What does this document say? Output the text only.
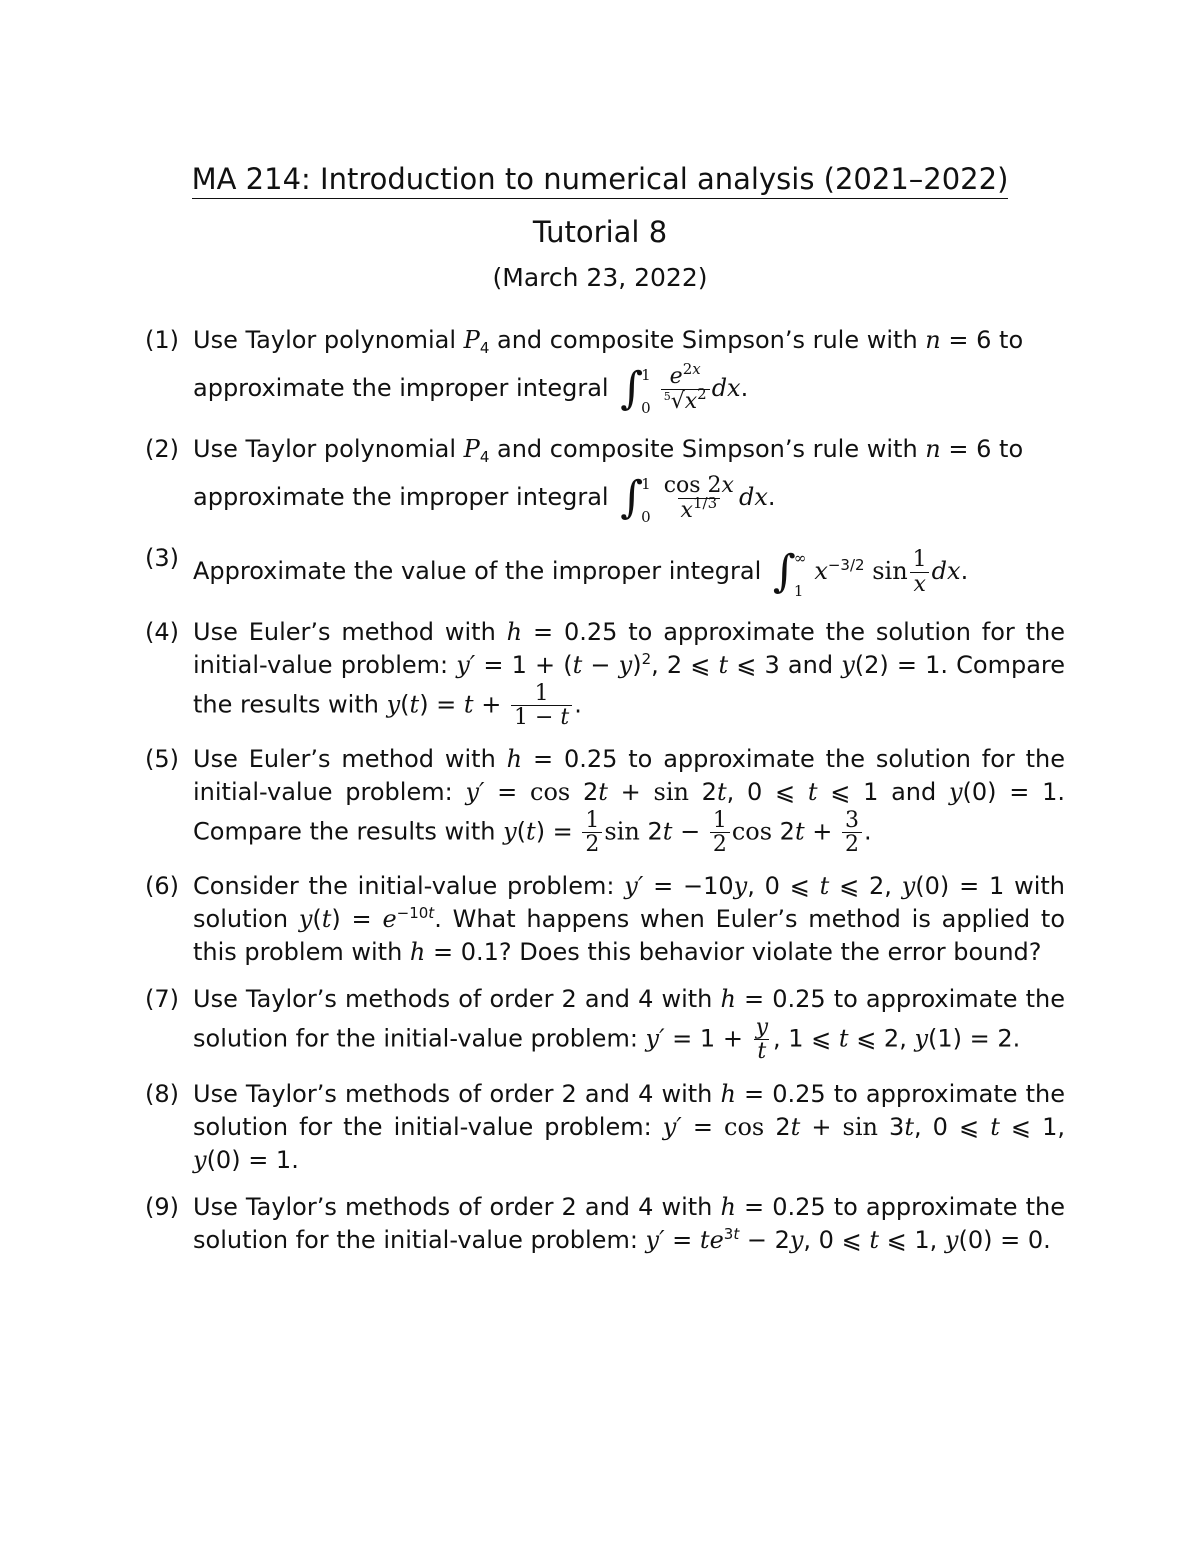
MA 214: Introduction to numerical analysis (2021–2022)
Tutorial 8
(March 23, 2022)
(1) Use Taylor polynomial $P_4$ and composite Simpson’s rule with n = 6 to
approximate the improper integral ∫
1
$0 \frac{e^{2x}}{^5√x^2}$ dx.
(2) Use Taylor polynomial $P_4$ and composite Simpson’s rule with n = 6 to
approximate the improper integral ∫
1
$0 \frac{\cos 2x}{x^{1/3}}$ dx.
(3) Approximate the value of the improper integral ∫
∞
1
$x^{-3/2}$ $\sin \frac{1}{x}$ dx.
(4) Use Euler’s method with h = 0.25 to approximate the solution for the initial-value problem: $y' = 1 + (t - y)^2$, 2 ⩽ t ⩽ 3 and y(2) = 1. Compare the results with $y(t) = t + \frac{1}{1 - t}$ .
(5) Use Euler’s method with h = 0.25 to approximate the solution for the initial-value problem: y′ = cos 2t + sin 2t, 0 ⩽ t ⩽ 1 and y(0) = 1. Compare the results with $y(t) = \frac{1}{2}$ $\sin 2t - \frac{1}{2}$ $\cos 2t + \frac{3}{2}$ .
(6) Consider the initial-value problem: y′ = −10y, 0 ⩽ t ⩽ 2, y(0) = 1 with solution $y(t) = e^{-10t}$. What happens when Euler’s method is applied to this problem with h = 0.1? Does this behavior violate the error bound?
(7) Use Taylor’s methods of order 2 and 4 with h = 0.25 to approximate the solution for the initial-value problem: $y' = 1 + \frac{y}{t}$ , 1 ⩽ t ⩽ 2, y(1) = 2.
(8) Use Taylor’s methods of order 2 and 4 with h = 0.25 to approximate the solution for the initial-value problem: y′ = cos 2t + sin 3t, 0 ⩽ t ⩽ 1, y(0) = 1.
(9) Use Taylor’s methods of order 2 and 4 with h = 0.25 to approximate the solution for the initial-value problem: $y' = te^{3t} - 2y$, 0 ⩽ t ⩽ 1, y(0) = 0.
